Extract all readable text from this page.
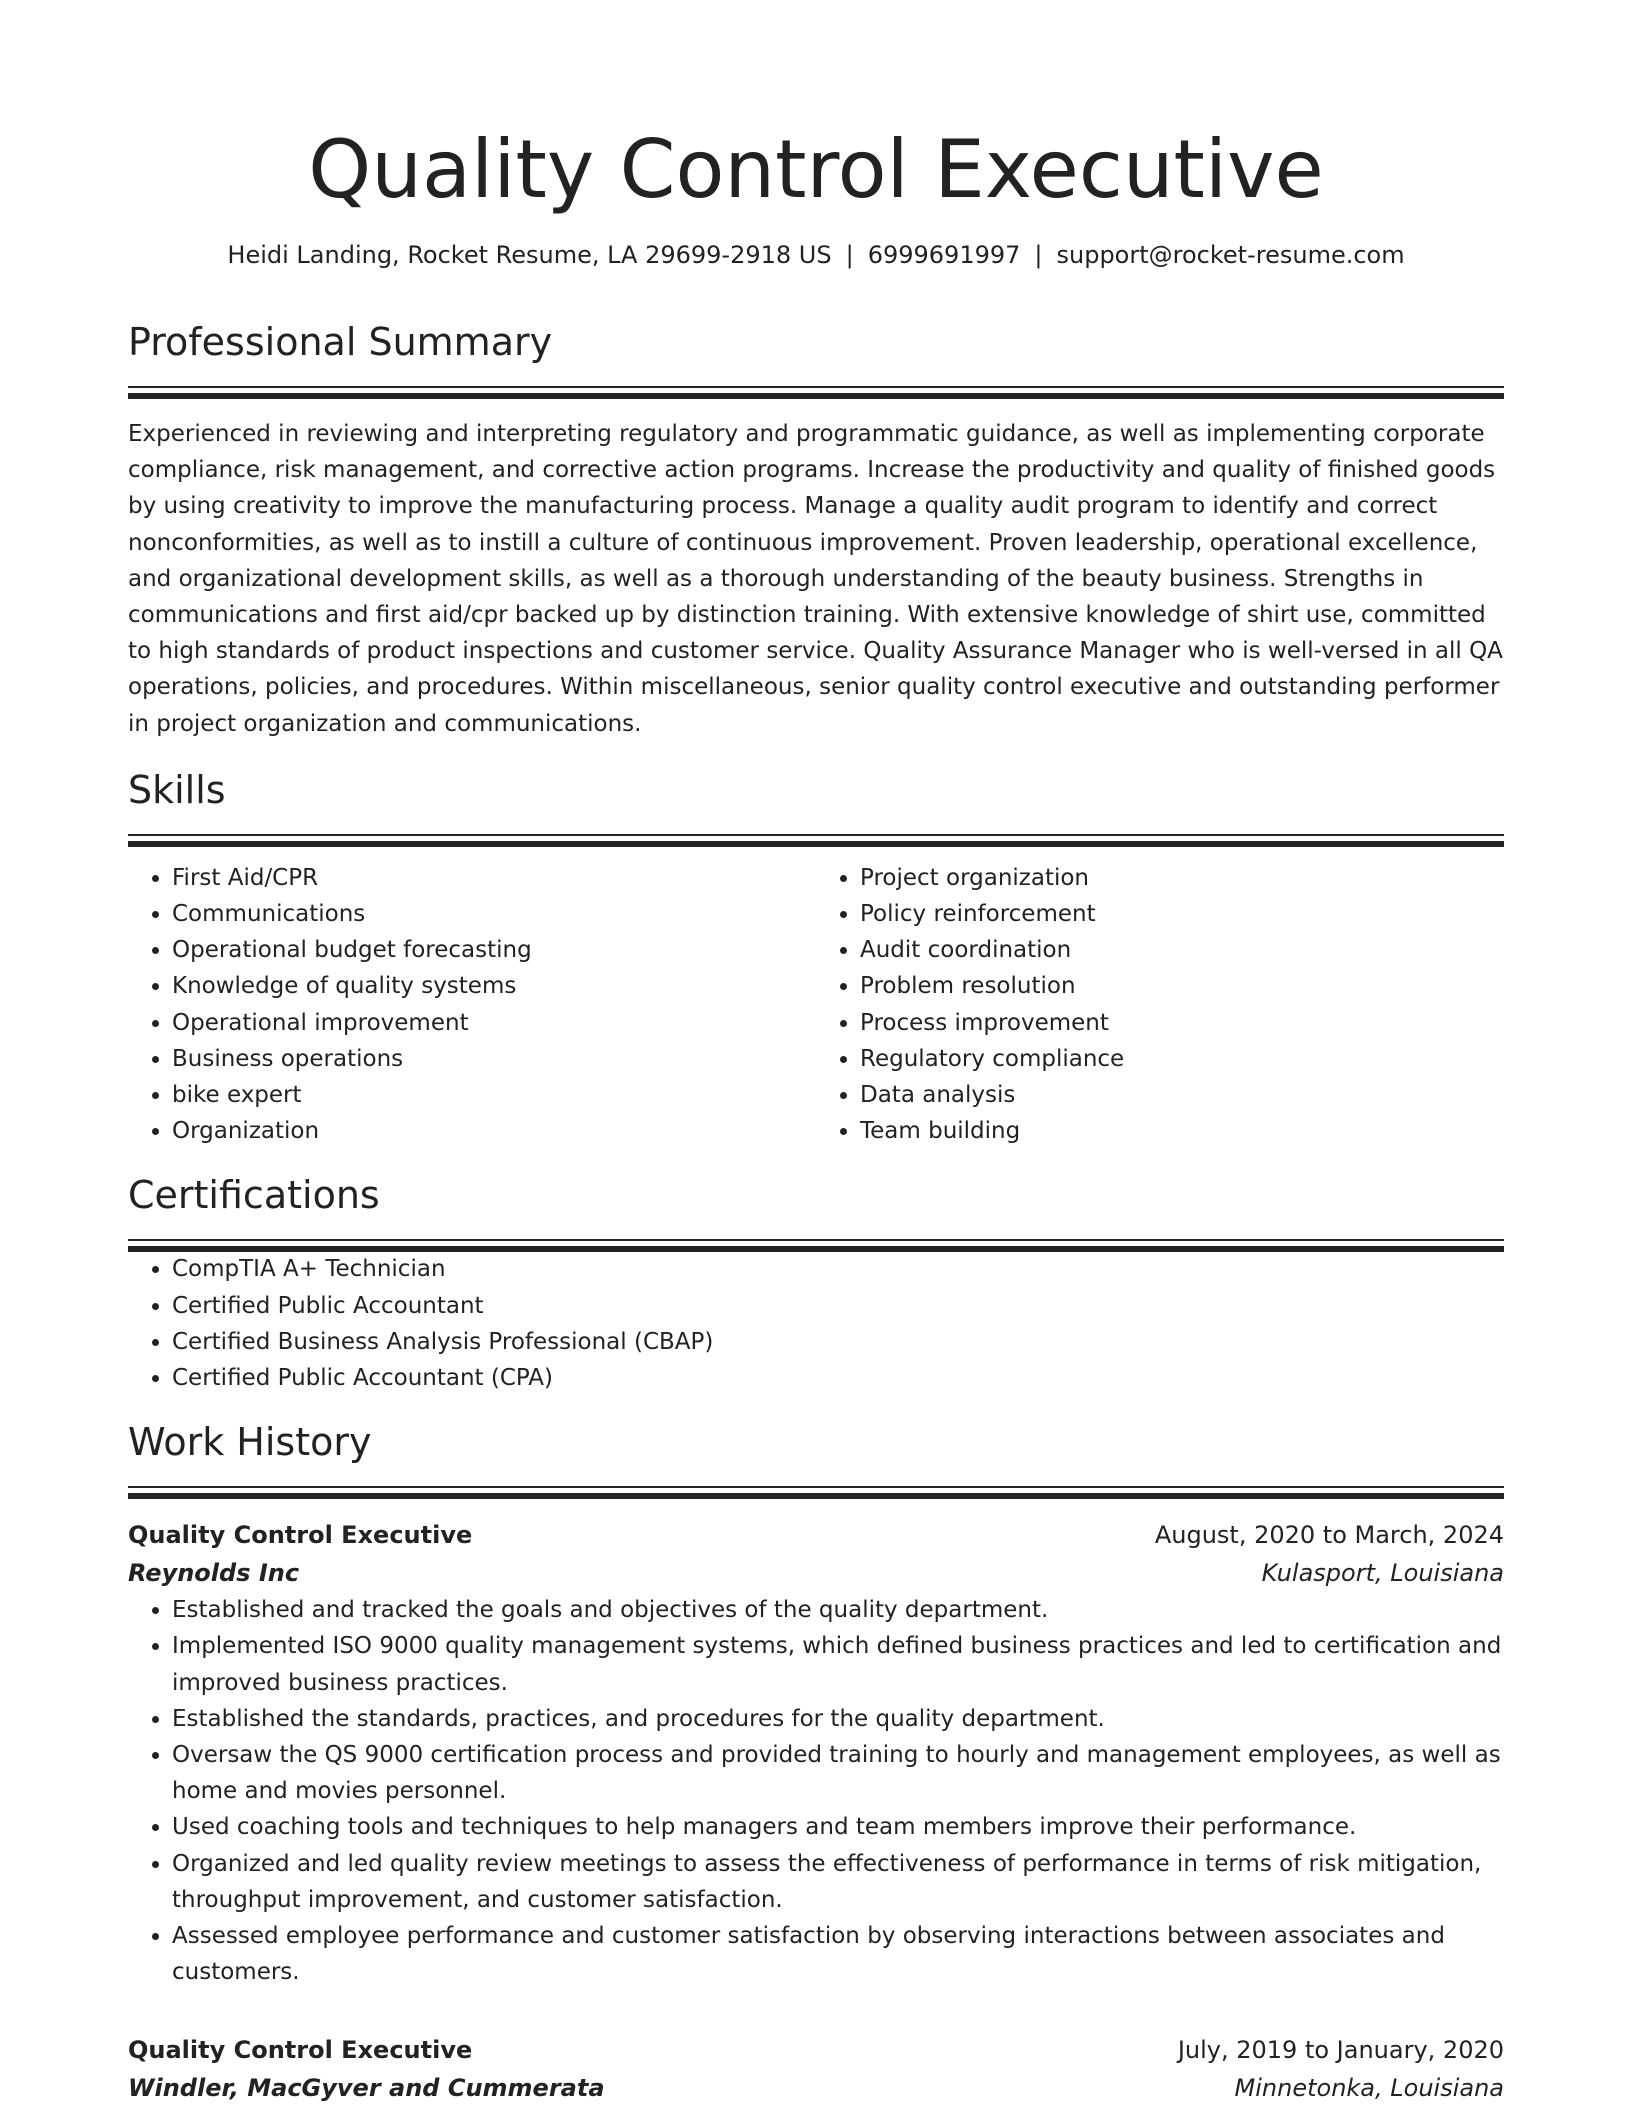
Quality Control Executive
Heidi Landing, Rocket Resume, LA 29699-2918 US | 6999691997 | support@rocket-resume.com
Professional Summary

Experienced in reviewing and interpreting regulatory and programmatic guidance, as well as implementing corporate compliance, risk management, and corrective action programs. Increase the productivity and quality of finished goods by using creativity to improve the manufacturing process. Manage a quality audit program to identify and correct nonconformities, as well as to instill a culture of continuous improvement. Proven leadership, operational excellence, and organizational development skills, as well as a thorough understanding of the beauty business. Strengths in communications and first aid/cpr backed up by distinction training. With extensive knowledge of shirt use, committed to high standards of product inspections and customer service. Quality Assurance Manager who is well-versed in all QA operations, policies, and procedures. Within miscellaneous, senior quality control executive and outstanding performer in project organization and communications.

Skills
• First Aid/CPR
• Communications
• Operational budget forecasting
• Knowledge of quality systems
• Operational improvement
• Business operations
• bike expert
• Organization
• Project organization
• Policy reinforcement
• Audit coordination
• Problem resolution
• Process improvement
• Regulatory compliance
• Data analysis
• Team building
Certifications
• CompTIA A+ Technician
• Certified Public Accountant
• Certified Business Analysis Professional (CBAP)
• Certified Public Accountant (CPA)
Work History
Quality Control Executive	August, 2020 to March, 2024
Reynolds Inc	Kulasport, Louisiana
• Established and tracked the goals and objectives of the quality department.
• Implemented ISO 9000 quality management systems, which defined business practices and led to certification and improved business practices.
• Established the standards, practices, and procedures for the quality department.
• Oversaw the QS 9000 certification process and provided training to hourly and management employees, as well as home and movies personnel.
• Used coaching tools and techniques to help managers and team members improve their performance.
• Organized and led quality review meetings to assess the effectiveness of performance in terms of risk mitigation, throughput improvement, and customer satisfaction.
• Assessed employee performance and customer satisfaction by observing interactions between associates and customers.
Quality Control Executive	July, 2019 to January, 2020
Windler, MacGyver and Cummerata	Minnetonka, Louisiana
